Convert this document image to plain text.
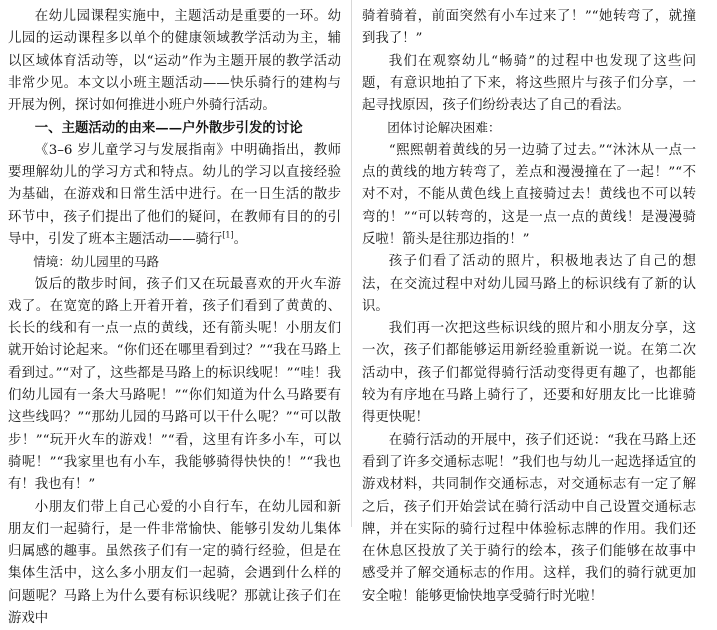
在幼儿园课程实施中，主题活动是重要的一环。幼儿园的运动课程多以单个的健康领域教学活动为主，辅以区域体育活动等，以“运动”作为主题开展的教学活动非常少见。本文以小班主题活动——快乐骑行的建构与开展为例，探讨如何推进小班户外骑行活动。

一、主题活动的由来——户外散步引发的讨论

《3–6 岁儿童学习与发展指南》中明确指出，教师要理解幼儿的学习方式和特点。幼儿的学习以直接经验为基础，在游戏和日常生活中进行。在一日生活的散步环节中，孩子们提出了他们的疑问，在教师有目的的引导中，引发了班本主题活动——骑行[1]。

情境：幼儿园里的马路

饭后的散步时间，孩子们又在玩最喜欢的开火车游戏了。在宽宽的路上开着开着，孩子们看到了黄黄的、长长的线和有一点一点的黄线，还有箭头呢！小朋友们就开始讨论起来。“你们还在哪里看到过？”“我在马路上看到过。”“对了，这些都是马路上的标识线呢！”“哇！我们幼儿园有一条大马路呢！”“你们知道为什么马路要有这些线吗？”“那幼儿园的马路可以干什么呢？”“可以散步！”“玩开火车的游戏！”“看，这里有许多小车，可以骑呢！”“我家里也有小车，我能够骑得快快的！”“我也有！我也有！”

小朋友们带上自己心爱的小自行车，在幼儿园和新朋友们一起骑行，是一件非常愉快、能够引发幼儿集体归属感的趣事。虽然孩子们有一定的骑行经验，但是在集体生活中，这么多小朋友们一起骑，会遇到什么样的问题呢？马路上为什么要有标识线呢？那就让孩子们在游戏中

骑着骑着，前面突然有小车过来了！”“她转弯了，就撞到我了！”

我们在观察幼儿“畅骑”的过程中也发现了这些问题，有意识地拍了下来，将这些照片与孩子们分享，一起寻找原因，孩子们纷纷表达了自己的看法。

团体讨论解决困难：

“熙熙朝着黄线的另一边骑了过去。”“沐沐从一点一点的黄线的地方转弯了，差点和漫漫撞在了一起！”“不对不对，不能从黄色线上直接骑过去！黄线也不可以转弯的！”“可以转弯的，这是一点一点的黄线！是漫漫骑反啦！箭头是往那边指的！”

孩子们看了活动的照片，积极地表达了自己的想法，在交流过程中对幼儿园马路上的标识线有了新的认识。

我们再一次把这些标识线的照片和小朋友分享，这一次，孩子们都能够运用新经验重新说一说。在第二次活动中，孩子们都觉得骑行活动变得更有趣了，也都能较为有序地在马路上骑行了，还要和好朋友比一比谁骑得更快呢！

在骑行活动的开展中，孩子们还说：“我在马路上还看到了许多交通标志呢！”我们也与幼儿一起选择适宜的游戏材料，共同制作交通标志，对交通标志有一定了解之后，孩子们开始尝试在骑行活动中自己设置交通标志牌，并在实际的骑行过程中体验标志牌的作用。我们还在休息区投放了关于骑行的绘本，孩子们能够在故事中感受并了解交通标志的作用。这样，我们的骑行就更加安全啦！能够更愉快地享受骑行时光啦！
